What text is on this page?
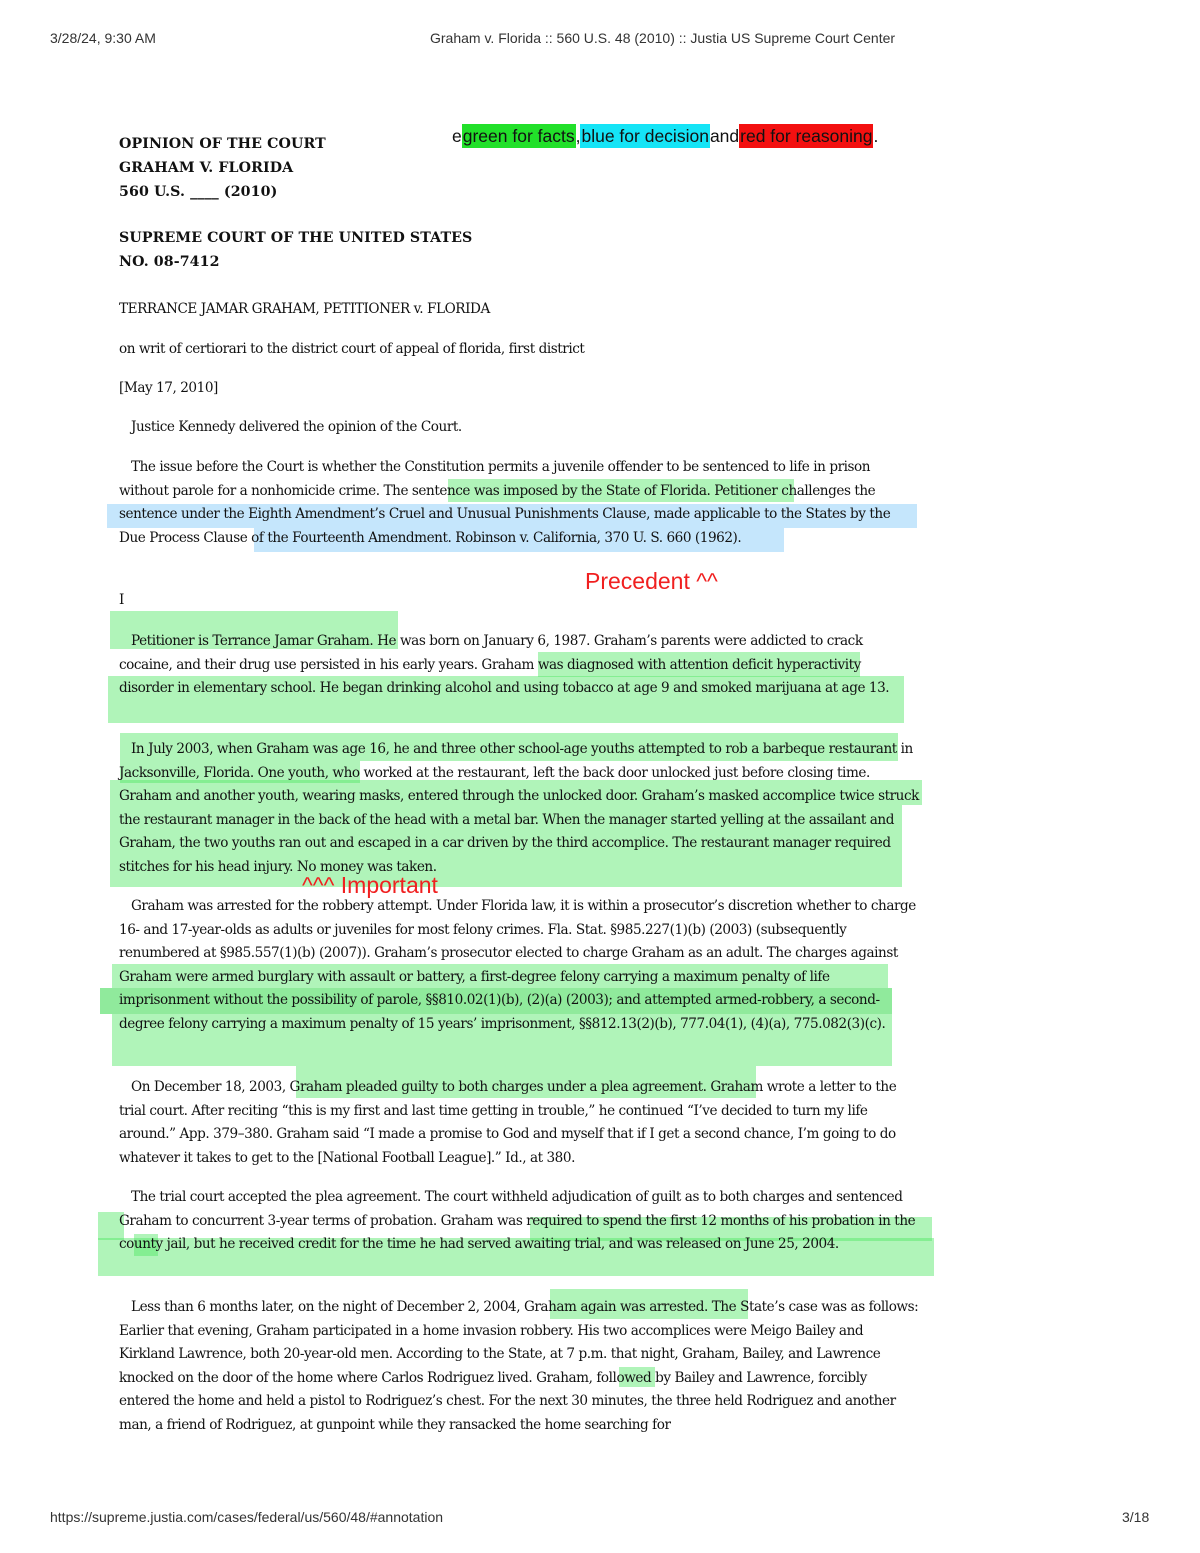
3/28/24, 9:30 AM	Graham v. Florida :: 560 U.S. 48 (2010) :: Justia US Supreme Court Center
egreen for facts,blue for decisionandred for reasoning.
OPINION OF THE COURT
GRAHAM V. FLORIDA
560 U.S. ____ (2010)
SUPREME COURT OF THE UNITED STATES
NO. 08-7412
TERRANCE JAMAR GRAHAM, PETITIONER v. FLORIDA
on writ of certiorari to the district court of appeal of florida, first district
[May 17, 2010]
Justice Kennedy delivered the opinion of the Court.
The issue before the Court is whether the Constitution permits a juvenile offender to be sentenced to life in prison without parole for a nonhomicide crime. The sentence was imposed by the State of Florida. Petitioner challenges the sentence under the Eighth Amendment’s Cruel and Unusual Punishments Clause, made applicable to the States by the Due Process Clause of the Fourteenth Amendment. Robinson v. California, 370 U. S. 660 (1962).
I
Petitioner is Terrance Jamar Graham. He was born on January 6, 1987. Graham’s parents were addicted to crack cocaine, and their drug use persisted in his early years. Graham was diagnosed with attention deficit hyperactivity disorder in elementary school. He began drinking alcohol and using tobacco at age 9 and smoked marijuana at age 13.
In July 2003, when Graham was age 16, he and three other school-age youths attempted to rob a barbeque restaurant in Jacksonville, Florida. One youth, who worked at the restaurant, left the back door unlocked just before closing time. Graham and another youth, wearing masks, entered through the unlocked door. Graham’s masked accomplice twice struck the restaurant manager in the back of the head with a metal bar. When the manager started yelling at the assailant and Graham, the two youths ran out and escaped in a car driven by the third accomplice. The restaurant manager required stitches for his head injury. No money was taken.
Graham was arrested for the robbery attempt. Under Florida law, it is within a prosecutor’s discretion whether to charge 16- and 17-year-olds as adults or juveniles for most felony crimes. Fla. Stat. §985.227(1)(b) (2003) (subsequently renumbered at §985.557(1)(b) (2007)). Graham’s prosecutor elected to charge Graham as an adult. The charges against Graham were armed burglary with assault or battery, a first-degree felony carrying a maximum penalty of life imprisonment without the possibility of parole, §§810.02(1)(b), (2)(a) (2003); and attempted armed-robbery, a second-degree felony carrying a maximum penalty of 15 years’ imprisonment, §§812.13(2)(b), 777.04(1), (4)(a), 775.082(3)(c).
On December 18, 2003, Graham pleaded guilty to both charges under a plea agreement. Graham wrote a letter to the trial court. After reciting “this is my first and last time getting in trouble,” he continued “I’ve decided to turn my life around.” App. 379–380. Graham said “I made a promise to God and myself that if I get a second chance, I’m going to do whatever it takes to get to the [National Football League].” Id., at 380.
The trial court accepted the plea agreement. The court withheld adjudication of guilt as to both charges and sentenced Graham to concurrent 3-year terms of probation. Graham was required to spend the first 12 months of his probation in the county jail, but he received credit for the time he had served awaiting trial, and was released on June 25, 2004.
Less than 6 months later, on the night of December 2, 2004, Graham again was arrested. The State’s case was as follows: Earlier that evening, Graham participated in a home invasion robbery. His two accomplices were Meigo Bailey and Kirkland Lawrence, both 20-year-old men. According to the State, at 7 p.m. that night, Graham, Bailey, and Lawrence knocked on the door of the home where Carlos Rodriguez lived. Graham, followed by Bailey and Lawrence, forcibly entered the home and held a pistol to Rodriguez’s chest. For the next 30 minutes, the three held Rodriguez and another man, a friend of Rodriguez, at gunpoint while they ransacked the home searching for
Precedent ^^
^^^ Important
https://supreme.justia.com/cases/federal/us/560/48/#annotation	3/18
